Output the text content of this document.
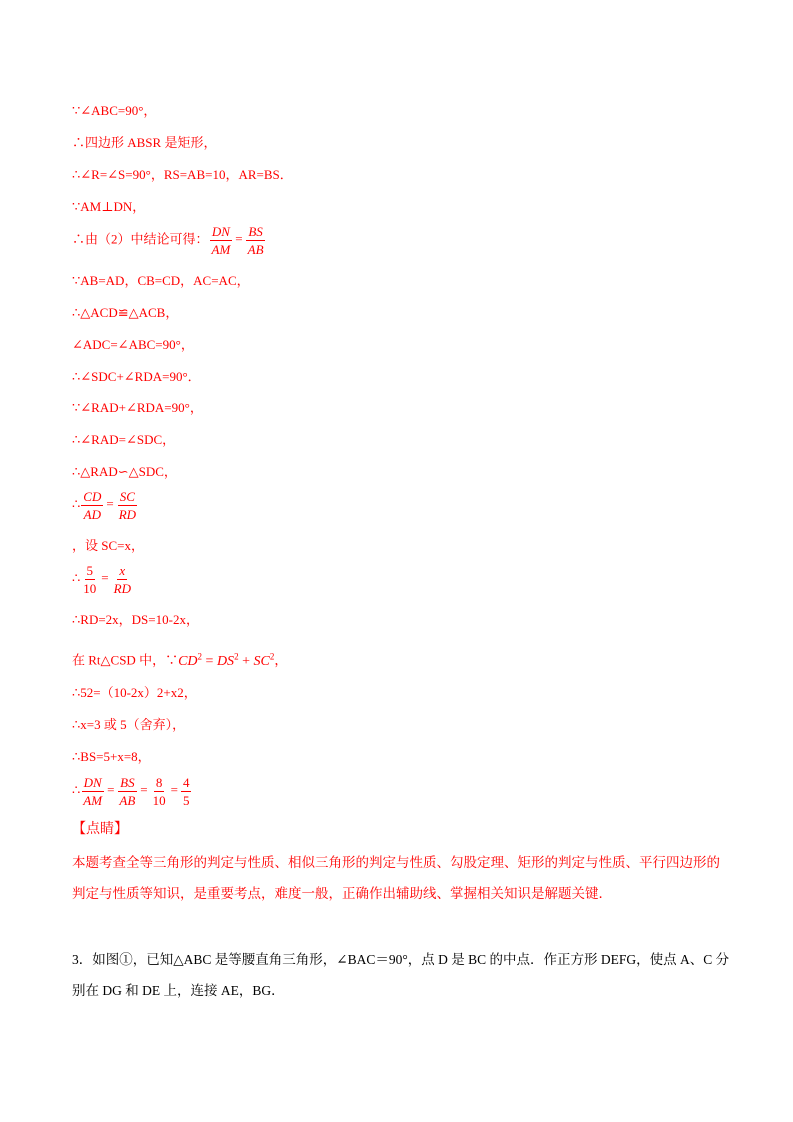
∵∠ABC=90°，
∴四边形 ABSR 是矩形，
∴∠R=∠S=90°，RS=AB=10，AR=BS．
∵AM⊥DN，
∴由（2）中结论可得： $\frac{DN}{AM} = \frac{BS}{AB}$
∵AB=AD，CB=CD，AC=AC，
∴△ACD≌△ACB，
∠ADC=∠ABC=90°，
∴∠SDC+∠RDA=90°．
∵∠RAD+∠RDA=90°，
∴∠RAD=∠SDC，
∴△RAD∽△SDC，
∴ $\frac{CD}{AD} = \frac{SC}{RD}$
，设 SC=x，
∴ $\frac{5}{10} = \frac{x}{RD}$
∴RD=2x，DS=10-2x，
在 Rt△CSD 中，$\because CD^2 = DS^2 + SC^2$，
∴52=（10-2x）2+x2，
∴x=3 或 5（舍弃），
∴BS=5+x=8，
∴ $\frac{DN}{AM} = \frac{BS}{AB} = \frac{8}{10} = \frac{4}{5}$
【点睛】
本题考查全等三角形的判定与性质、相似三角形的判定与性质、勾股定理、矩形的判定与性质、平行四边形的判定与性质等知识，是重要考点，难度一般，正确作出辅助线、掌握相关知识是解题关键．
3．如图①，已知△ABC 是等腰直角三角形，∠BAC＝90°，点 D 是 BC 的中点．作正方形 DEFG，使点 A、C 分别在 DG 和 DE 上，连接 AE，BG．
